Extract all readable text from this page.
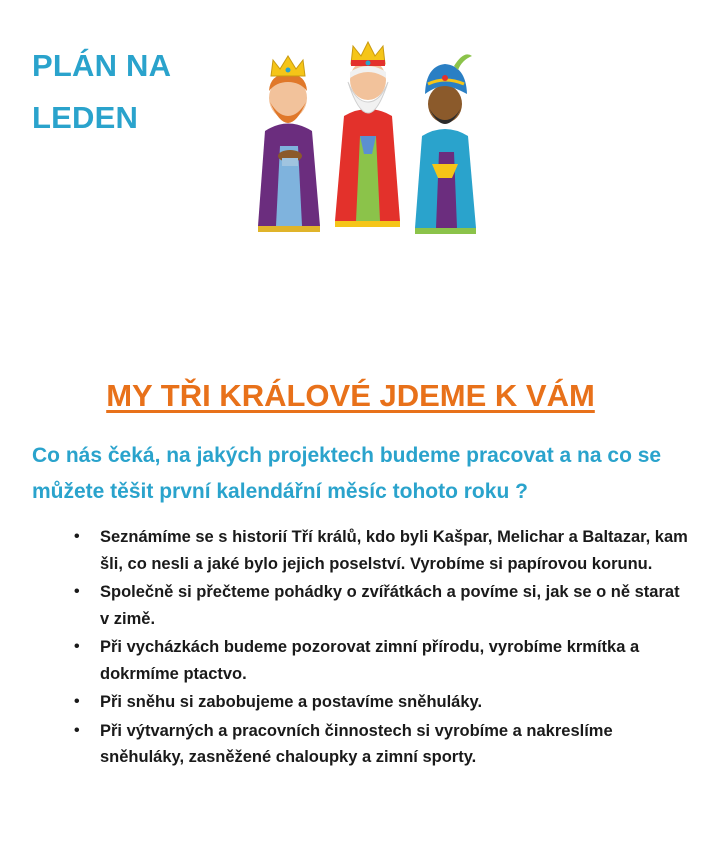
PLÁN NA
LEDEN
MY TŘI KRÁLOVÉ JDEME K VÁM

Co nás čeká, na jakých projektech budeme pracovat a na co se můžete těšit první kalendářní měsíc tohoto roku ?

• Seznámíme se s historií Tří králů, kdo byli Kašpar, Melichar a Baltazar, kam šli, co nesli a jaké bylo jejich poselství. Vyrobíme si papírovou korunu.
• Společně si přečteme pohádky o zvířátkách a povíme si, jak se o ně starat v zimě.
• Při vycházkách budeme pozorovat zimní přírodu, vyrobíme krmítka a dokrmíme ptactvo.
• Při sněhu si zabobujeme a postavíme sněhuláky.
• Při výtvarných a pracovních činnostech si vyrobíme a nakreslíme sněhuláky, zasněžené chaloupky a zimní sporty.
